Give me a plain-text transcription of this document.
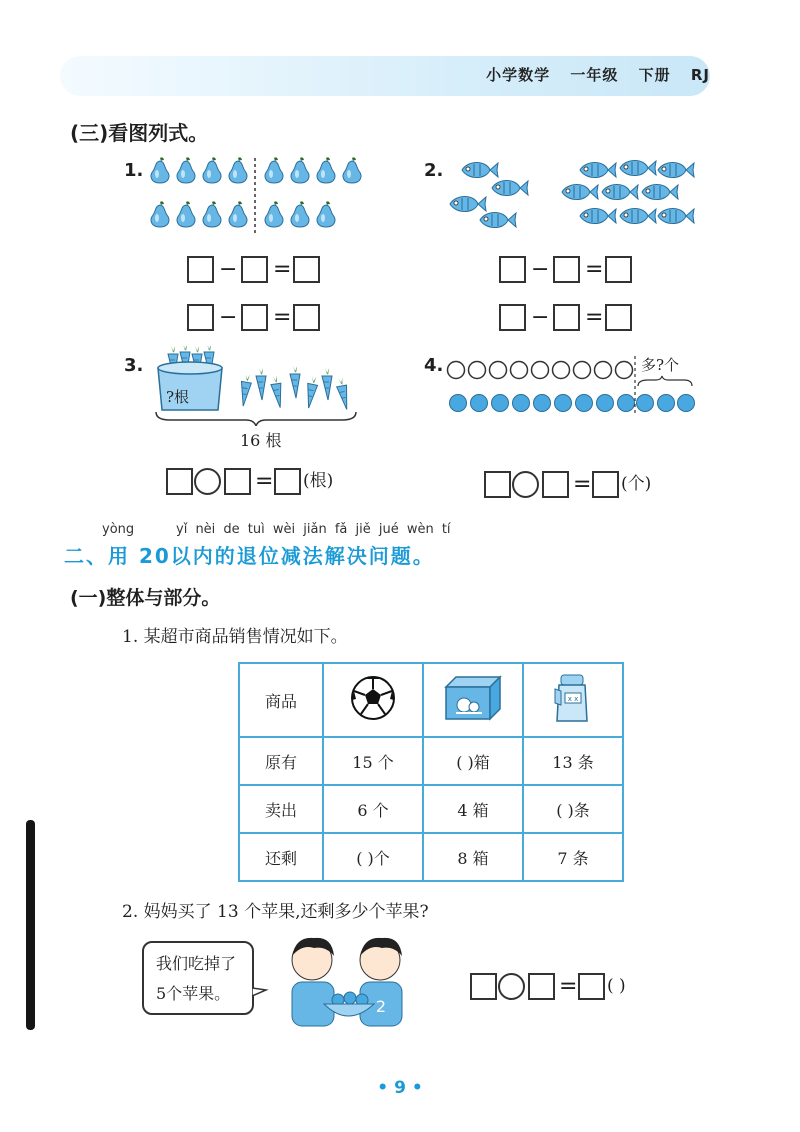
小学数学 一年级 下册 RJ
(三)看图列式。
1.
− =
− =
2.
− =
− =
3.
?根
16 根
= (根)
4.	多?个
= (个)
yòng	yǐ nèi de tuì wèi jiǎn fǎ jiě jué wèn tí
二、用 20以内的退位减法解决问题。
(一)整体与部分。
1. 某超市商品销售情况如下。
商品			x x

原有	15 个	( )箱	13 条
卖出	6 个	4 箱	( )条
还剩	( )个	8 箱	7 条
2. 妈妈买了 13 个苹果,还剩多少个苹果?
我们吃掉了
5个苹果。
2
= ( )
• 9 •
